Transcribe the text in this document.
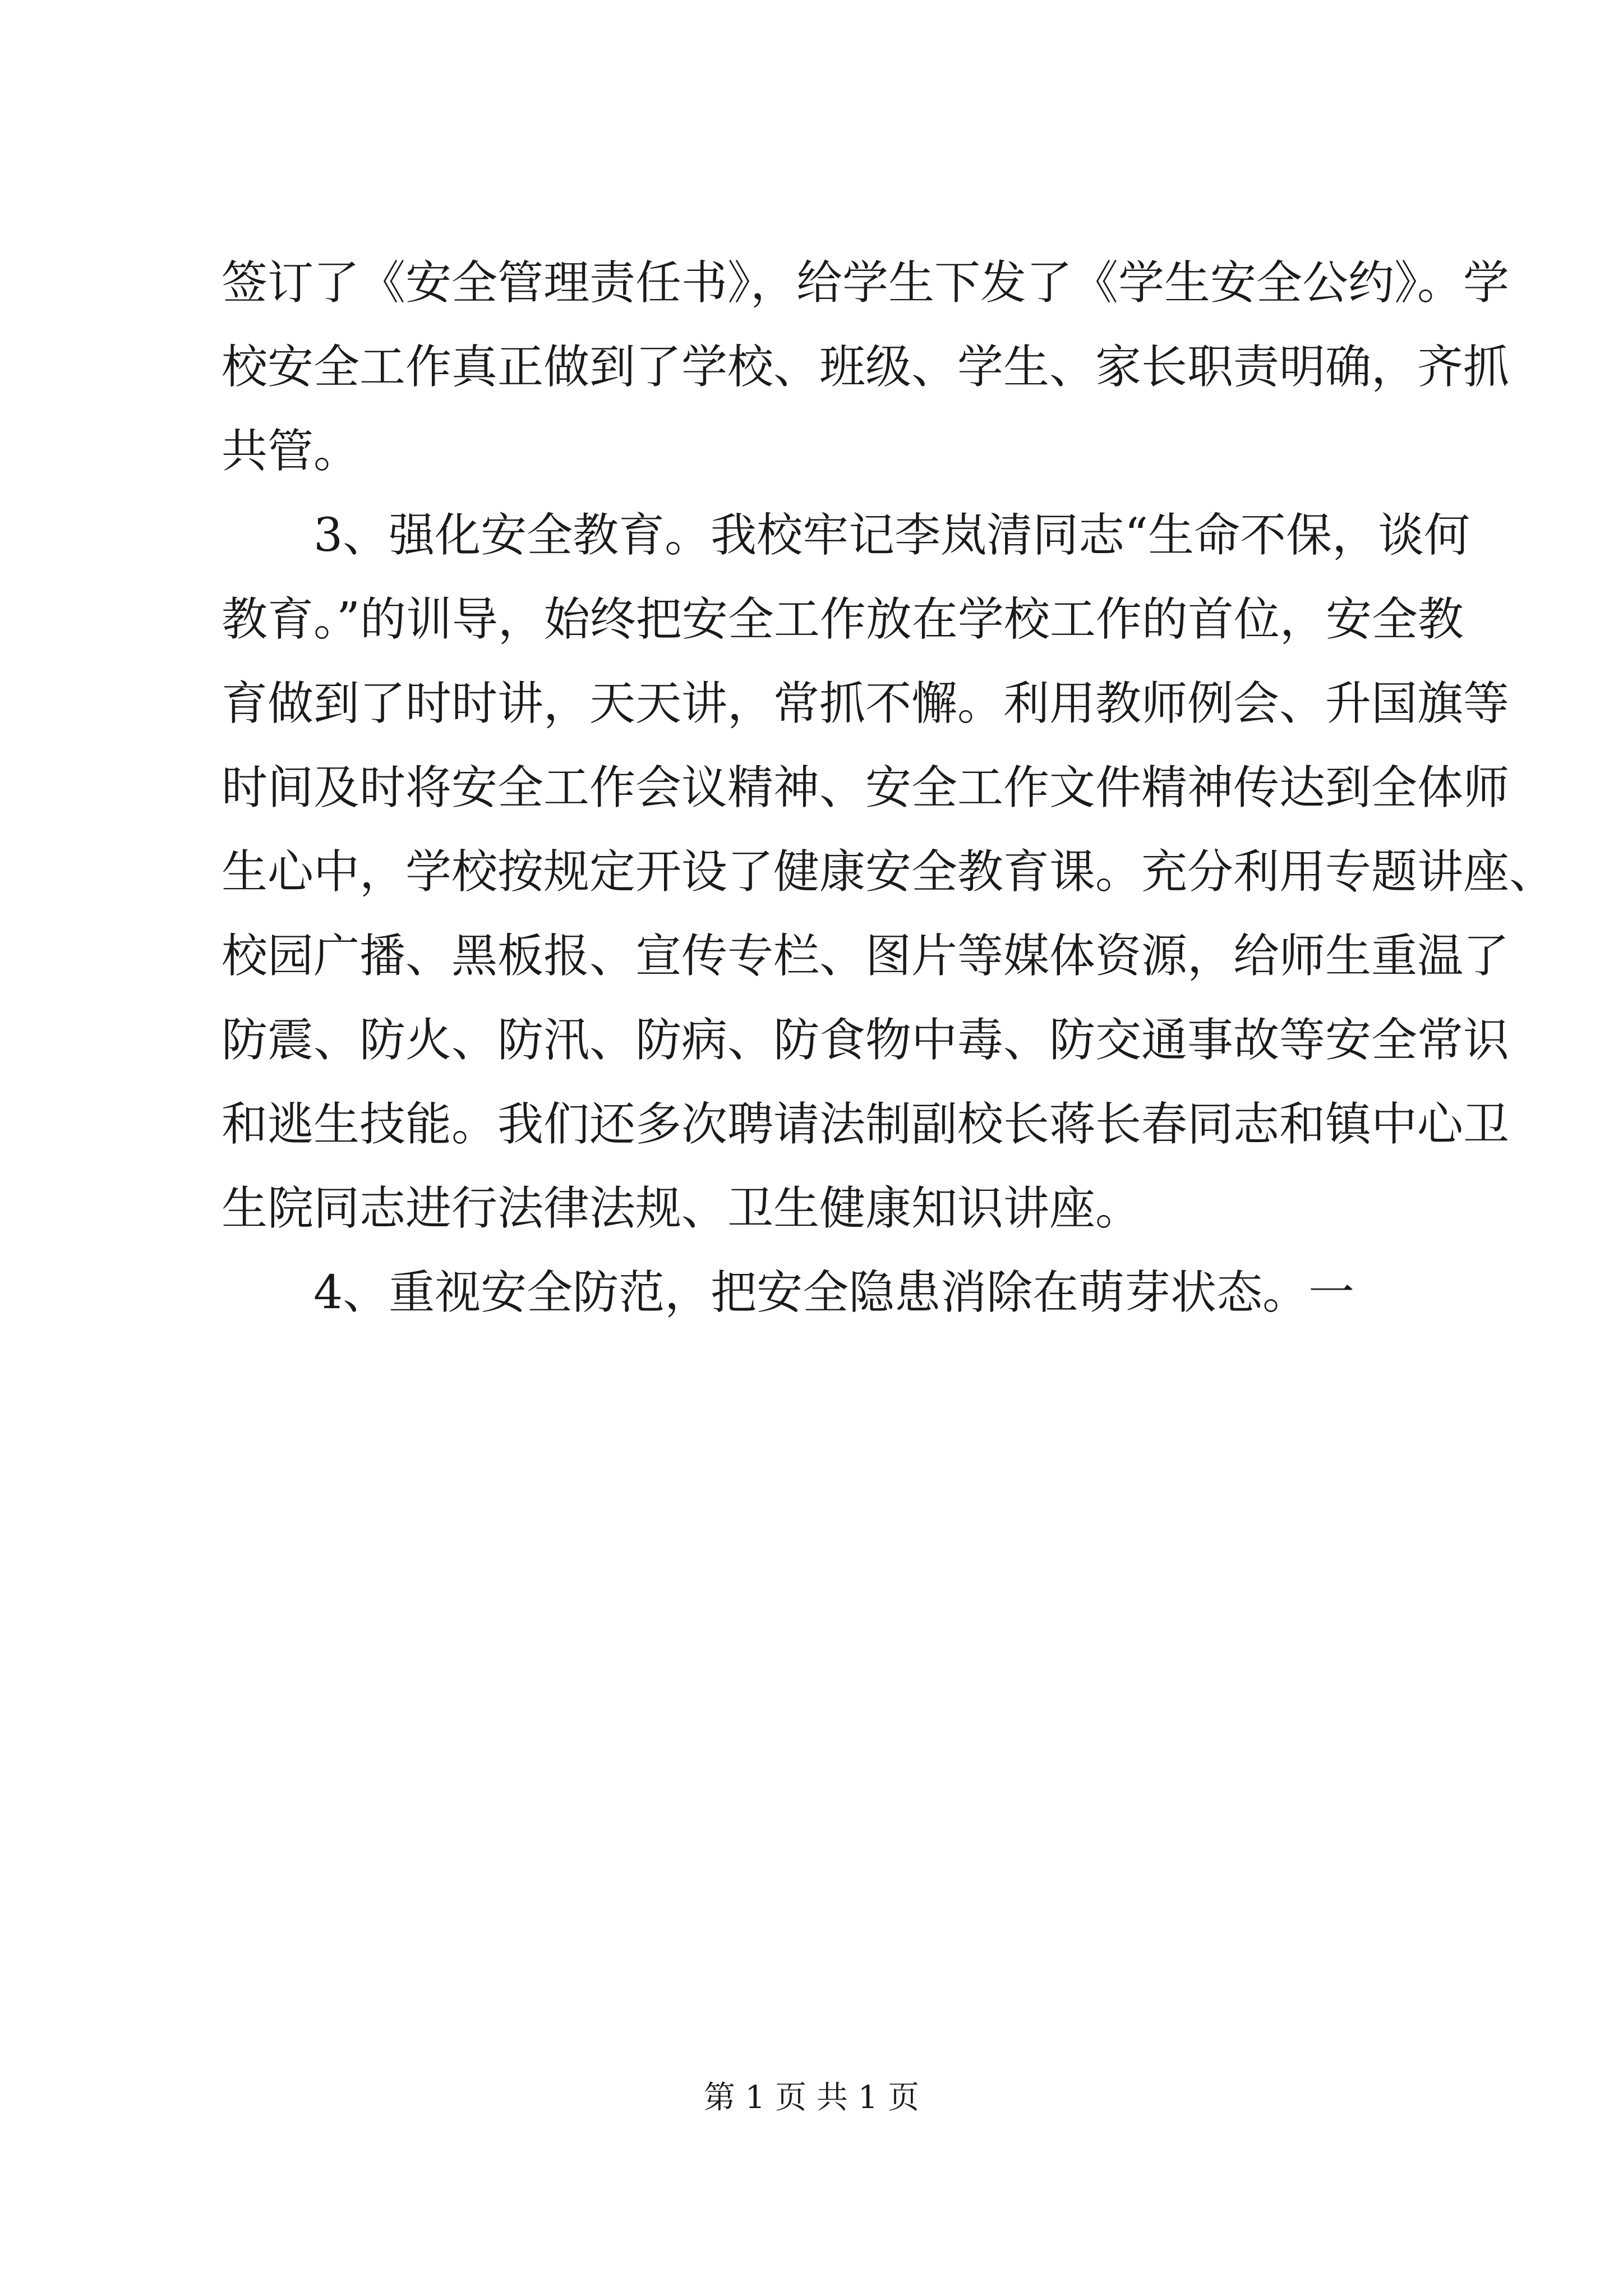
签订了《安全管理责任书》，给学生下发了《学生安全公约》。学
校安全工作真正做到了学校、班级、学生、家长职责明确，齐抓
共管。
3、强化安全教育。我校牢记李岚清同志“生命不保，谈何
教育。”的训导，始终把安全工作放在学校工作的首位，安全教
育做到了时时讲，天天讲，常抓不懈。利用教师例会、升国旗等
时间及时将安全工作会议精神、安全工作文件精神传达到全体师
生心中，学校按规定开设了健康安全教育课。充分利用专题讲座、
校园广播、黑板报、宣传专栏、图片等媒体资源，给师生重温了
防震、防火、防汛、防病、防食物中毒、防交通事故等安全常识
和逃生技能。我们还多次聘请法制副校长蒋长春同志和镇中心卫
生院同志进行法律法规、卫生健康知识讲座。
4、重视安全防范，把安全隐患消除在萌芽状态。一
第 1 页 共 1 页
